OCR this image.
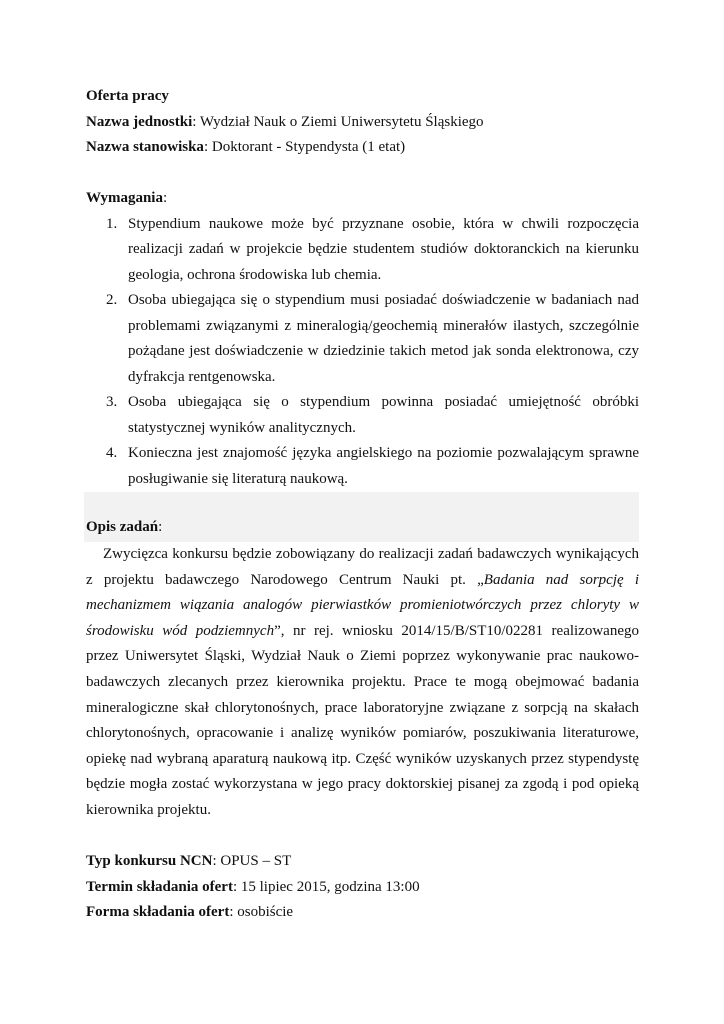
Oferta pracy
Nazwa jednostki: Wydział Nauk o Ziemi Uniwersytetu Śląskiego
Nazwa stanowiska: Doktorant - Stypendysta (1 etat)
Wymagania:
1. Stypendium naukowe może być przyznane osobie, która w chwili rozpoczęcia realizacji zadań w projekcie będzie studentem studiów doktoranckich na kierunku geologia, ochrona środowiska lub chemia.
2. Osoba ubiegająca się o stypendium musi posiadać doświadczenie w badaniach nad problemami związanymi z mineralogią/geochemią minerałów ilastych, szczególnie pożądane jest doświadczenie w dziedzinie takich metod jak sonda elektronowa, czy dyfrakcja rentgenowska.
3. Osoba ubiegająca się o stypendium powinna posiadać umiejętność obróbki statystycznej wyników analitycznych.
4. Konieczna jest znajomość języka angielskiego na poziomie pozwalającym sprawne posługiwanie się literaturą naukową.
Opis zadań:
Zwycięzca konkursu będzie zobowiązany do realizacji zadań badawczych wynikających z projektu badawczego Narodowego Centrum Nauki pt. „Badania nad sorpcję i mechanizmem wiązania analogów pierwiastków promieniotwórczych przez chloryty w środowisku wód podziemnych”, nr rej. wniosku 2014/15/B/ST10/02281 realizowanego przez Uniwersytet Śląski, Wydział Nauk o Ziemi poprzez wykonywanie prac naukowo-badawczych zlecanych przez kierownika projektu. Prace te mogą obejmować badania mineralogiczne skał chlorytonośnych, prace laboratoryjne związane z sorpcją na skałach chlorytonośnych, opracowanie i analizę wyników pomiarów, poszukiwania literaturowe, opiekę nad wybraną aparaturą naukową itp. Część wyników uzyskanych przez stypendystę będzie mogła zostać wykorzystana w jego pracy doktorskiej pisanej za zgodą i pod opieką kierownika projektu.
Typ konkursu NCN: OPUS – ST
Termin składania ofert: 15 lipiec 2015, godzina 13:00
Forma składania ofert: osobiście
